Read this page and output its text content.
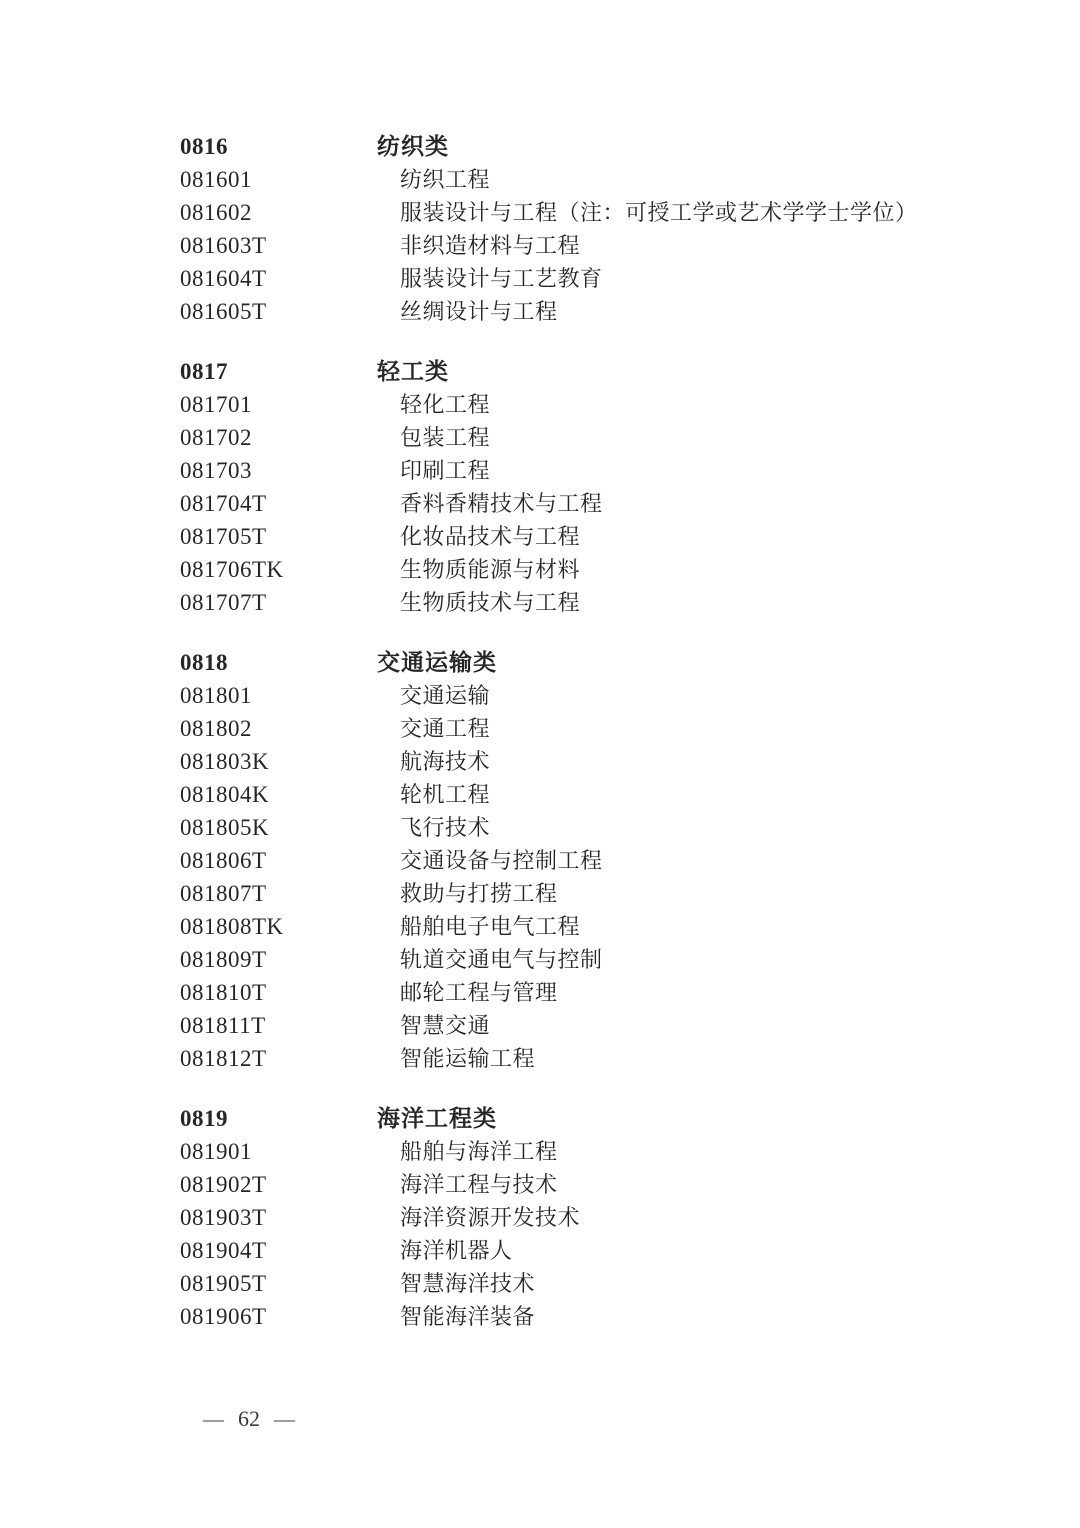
0816	纺织类
081601	纺织工程
081602	服装设计与工程（注：可授工学或艺术学学士学位）
081603T	非织造材料与工程
081604T	服装设计与工艺教育
081605T	丝绸设计与工程
0817	轻工类
081701	轻化工程
081702	包装工程
081703	印刷工程
081704T	香料香精技术与工程
081705T	化妆品技术与工程
081706TK	生物质能源与材料
081707T	生物质技术与工程
0818	交通运输类
081801	交通运输
081802	交通工程
081803K	航海技术
081804K	轮机工程
081805K	飞行技术
081806T	交通设备与控制工程
081807T	救助与打捞工程
081808TK	船舶电子电气工程
081809T	轨道交通电气与控制
081810T	邮轮工程与管理
081811T	智慧交通
081812T	智能运输工程
0819	海洋工程类
081901	船舶与海洋工程
081902T	海洋工程与技术
081903T	海洋资源开发技术
081904T	海洋机器人
081905T	智慧海洋技术
081906T	智能海洋装备
— 62 —
